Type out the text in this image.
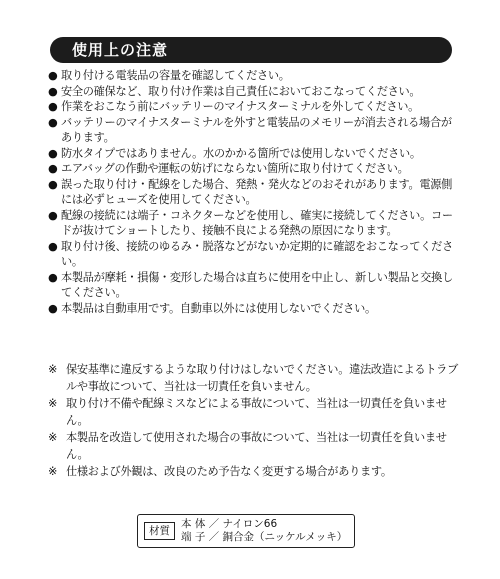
使用上の注意
● 取り付ける電装品の容量を確認してください。
● 安全の確保など、取り付け作業は自己責任においておこなってください。
● 作業をおこなう前にバッテリーのマイナスターミナルを外してください。
● バッテリーのマイナスターミナルを外すと電装品のメモリーが消去される場合があります。
● 防水タイプではありません。水のかかる箇所では使用しないでください。
● エアバッグの作動や運転の妨げにならない箇所に取り付けてください。
● 誤った取り付け・配線をした場合、発熱・発火などのおそれがあります。電源側には必ずヒューズを使用してください。
● 配線の接続には端子・コネクターなどを使用し、確実に接続してください。コードが抜けてショートしたり、接触不良による発熱の原因になります。
● 取り付け後、接続のゆるみ・脱落などがないか定期的に確認をおこなってください。
● 本製品が摩耗・損傷・変形した場合は直ちに使用を中止し、新しい製品と交換してください。
● 本製品は自動車用です。自動車以外には使用しないでください。
※ 保安基準に違反するような取り付けはしないでください。違法改造によるトラブルや事故について、当社は一切責任を負いません。
※ 取り付け不備や配線ミスなどによる事故について、当社は一切責任を負いません。
※ 本製品を改造して使用された場合の事故について、当社は一切責任を負いません。
※ 仕様および外観は、改良のため予告なく変更する場合があります。
材質
本 体 ／ ナイロン66
端 子 ／ 銅合金（ニッケルメッキ）
